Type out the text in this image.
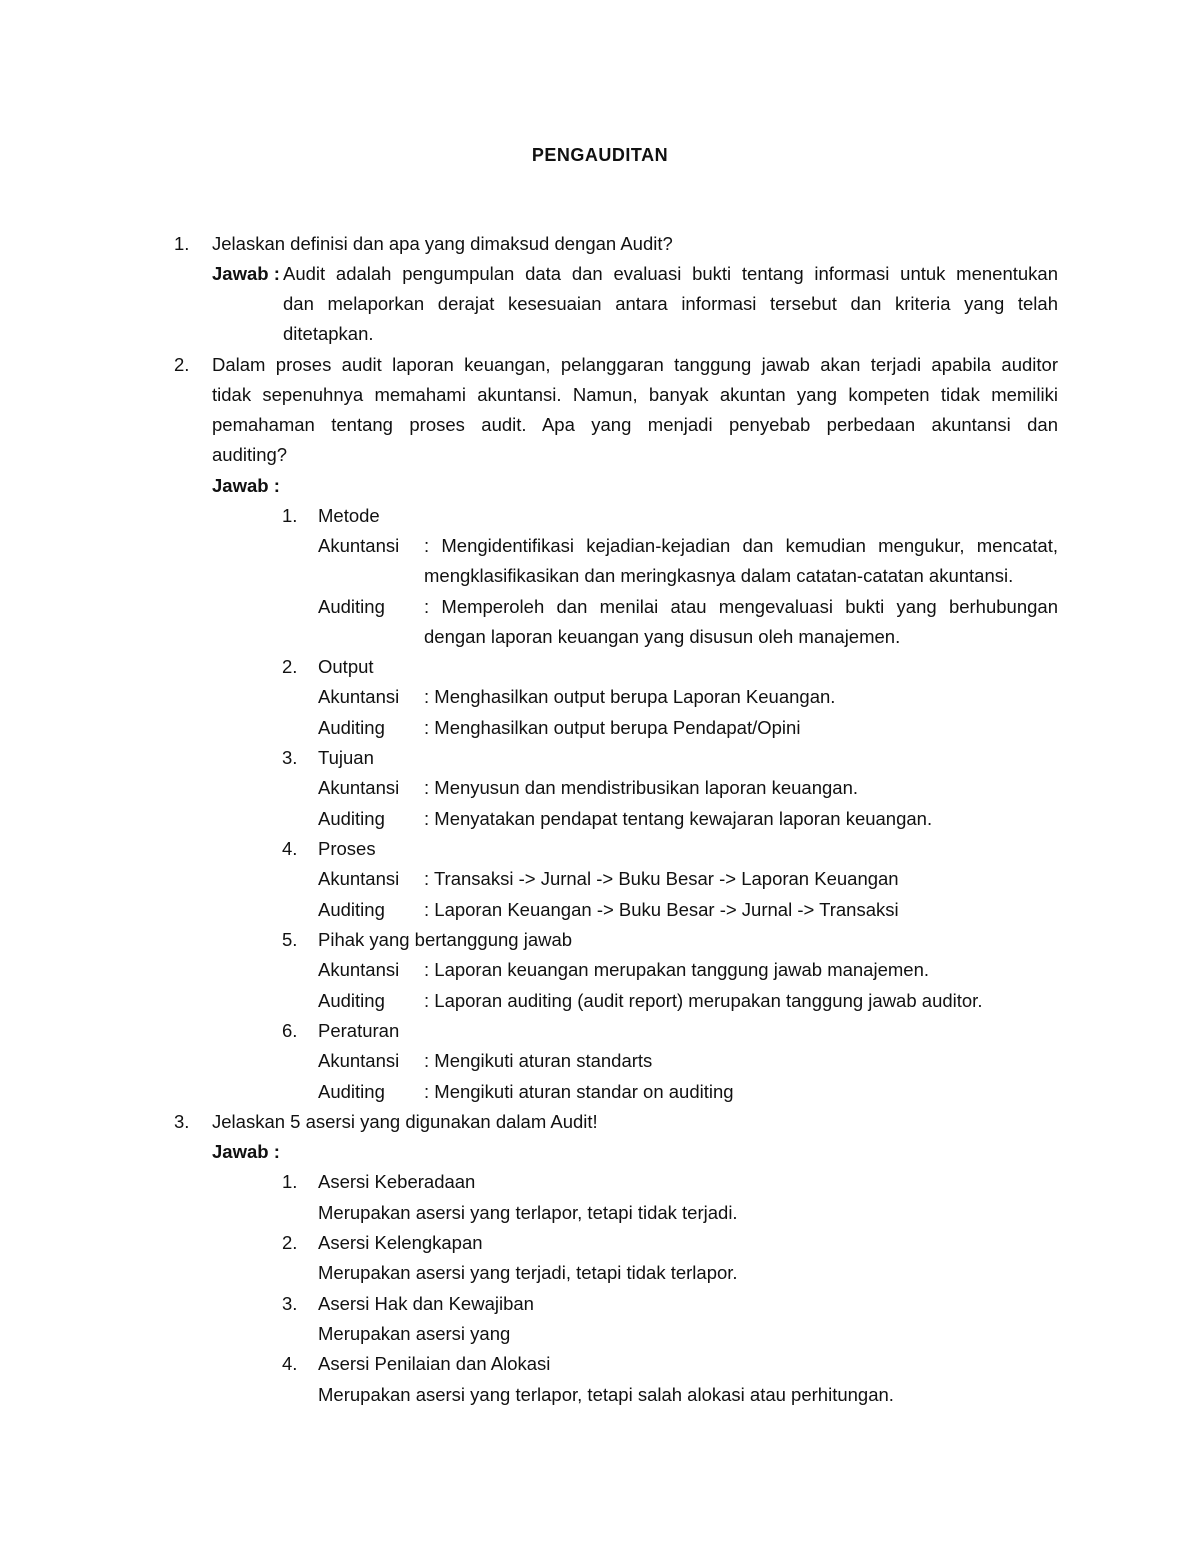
PENGAUDITAN
1. Jelaskan definisi dan apa yang dimaksud dengan Audit?
Jawab : Audit adalah pengumpulan data dan evaluasi bukti tentang informasi untuk menentukan
dan melaporkan derajat kesesuaian antara informasi tersebut dan kriteria yang telah
ditetapkan.
2. Dalam proses audit laporan keuangan, pelanggaran tanggung jawab akan terjadi apabila auditor
tidak sepenuhnya memahami akuntansi. Namun, banyak akuntan yang kompeten tidak memiliki
pemahaman tentang proses audit. Apa yang menjadi penyebab perbedaan akuntansi dan
auditing?
Jawab :
1. Metode
Akuntansi : Mengidentifikasi kejadian-kejadian dan kemudian mengukur, mencatat,
mengklasifikasikan dan meringkasnya dalam catatan-catatan akuntansi.
Auditing : Memperoleh dan menilai atau mengevaluasi bukti yang berhubungan
dengan laporan keuangan yang disusun oleh manajemen.
2. Output
Akuntansi : Menghasilkan output berupa Laporan Keuangan.
Auditing : Menghasilkan output berupa Pendapat/Opini
3. Tujuan
Akuntansi : Menyusun dan mendistribusikan laporan keuangan.
Auditing : Menyatakan pendapat tentang kewajaran laporan keuangan.
4. Proses
Akuntansi : Transaksi -> Jurnal -> Buku Besar -> Laporan Keuangan
Auditing : Laporan Keuangan -> Buku Besar -> Jurnal -> Transaksi
5. Pihak yang bertanggung jawab
Akuntansi : Laporan keuangan merupakan tanggung jawab manajemen.
Auditing : Laporan auditing (audit report) merupakan tanggung jawab auditor.
6. Peraturan
Akuntansi : Mengikuti aturan standarts
Auditing : Mengikuti aturan standar on auditing
3. Jelaskan 5 asersi yang digunakan dalam Audit!
Jawab :
1. Asersi Keberadaan
Merupakan asersi yang terlapor, tetapi tidak terjadi.
2. Asersi Kelengkapan
Merupakan asersi yang terjadi, tetapi tidak terlapor.
3. Asersi Hak dan Kewajiban
Merupakan asersi yang
4. Asersi Penilaian dan Alokasi
Merupakan asersi yang terlapor, tetapi salah alokasi atau perhitungan.
